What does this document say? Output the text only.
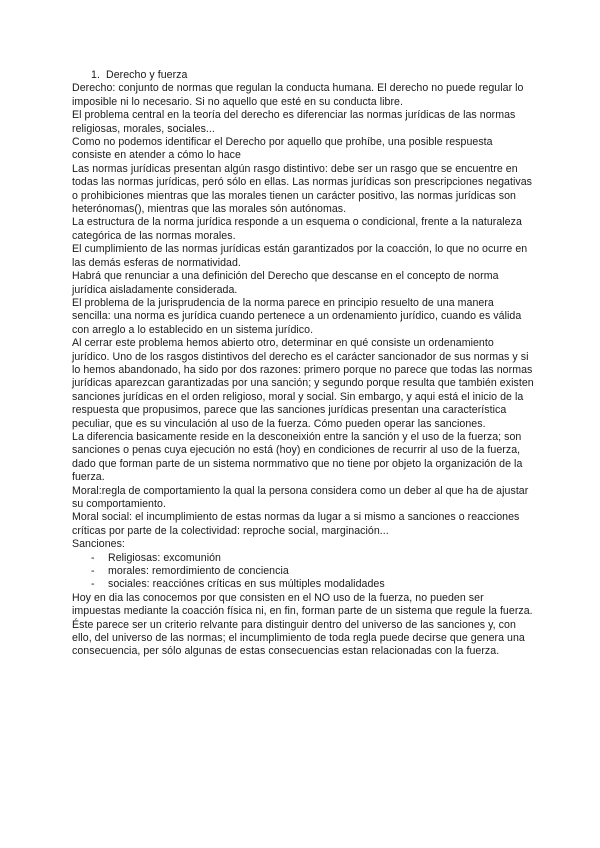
1. Derecho y fuerza

Derecho: conjunto de normas que regulan la conducta humana. El derecho no puede regular lo imposible ni lo necesario. Si no aquello que esté en su conducta libre.

El problema central en la teoría del derecho es diferenciar las normas jurídicas de las normas religiosas, morales, sociales...

Como no podemos identificar el Derecho por aquello que prohíbe, una posible respuesta consiste en atender a cómo lo hace

Las normas jurídicas presentan algún rasgo distintivo: debe ser un rasgo que se encuentre en todas las normas jurídicas, peró sólo en ellas. Las normas jurídicas son prescripciones negativas o prohibiciones mientras que las morales tienen un carácter positivo, las normas jurídicas son heterónomas(), mientras que las morales són autónomas.

La estructura de la norma jurídica responde a un esquema o condicional, frente a la naturaleza categórica de las normas morales.

El cumplimiento de las normas jurídicas están garantizados por la coacción, lo que no ocurre en las demás esferas de normatividad.

Habrá que renunciar a una definición del Derecho que descanse en el concepto de norma jurídica aisladamente considerada.

El problema de la jurisprudencia de la norma parece en principio resuelto de una manera sencilla: una norma es jurídica cuando pertenece a un ordenamiento jurídico, cuando es válida con arreglo a lo establecido en un sistema jurídico.

Al cerrar este problema hemos abierto otro, determinar en qué consiste un ordenamiento jurídico. Uno de los rasgos distintivos del derecho es el carácter sancionador de sus normas y si lo hemos abandonado, ha sido por dos razones: primero porque no parece que todas las normas jurídicas aparezcan garantizadas por una sanción; y segundo porque resulta que también existen sanciones jurídicas en el orden religioso, moral y social. Sin embargo, y aqui está el inicio de la respuesta que propusimos, parece que las sanciones jurídicas presentan una característica peculiar, que es su vinculación al uso de la fuerza. Cómo pueden operar las sanciones.

La diferencia basicamente reside en la desconeixión entre la sanción y el uso de la fuerza; son sanciones o penas cuya ejecución no está (hoy) en condiciones de recurrir al uso de la fuerza, dado que forman parte de un sistema normmativo que no tiene por objeto la organización de la fuerza.

Moral:regla de comportamiento la qual la persona considera como un deber al que ha de ajustar su comportamiento.

Moral social: el incumplimiento de estas normas da lugar a si mismo a sanciones o reacciones críticas por parte de la colectividad: reproche social, marginación...

Sanciones:

-	Religiosas: excomunión
-	morales: remordimiento de conciencia
-	sociales: reacciónes críticas en sus múltiples modalidades

Hoy en dia las conocemos por que consisten en el NO uso de la fuerza, no pueden ser impuestas mediante la coacción física ni, en fin, forman parte de un sistema que regule la fuerza. Éste parece ser un criterio relvante para distinguir dentro del universo de las sanciones y, con ello, del universo de las normas; el incumplimiento de toda regla puede decirse que genera una consecuencia, per sólo algunas de estas consecuencias estan relacionadas con la fuerza.
